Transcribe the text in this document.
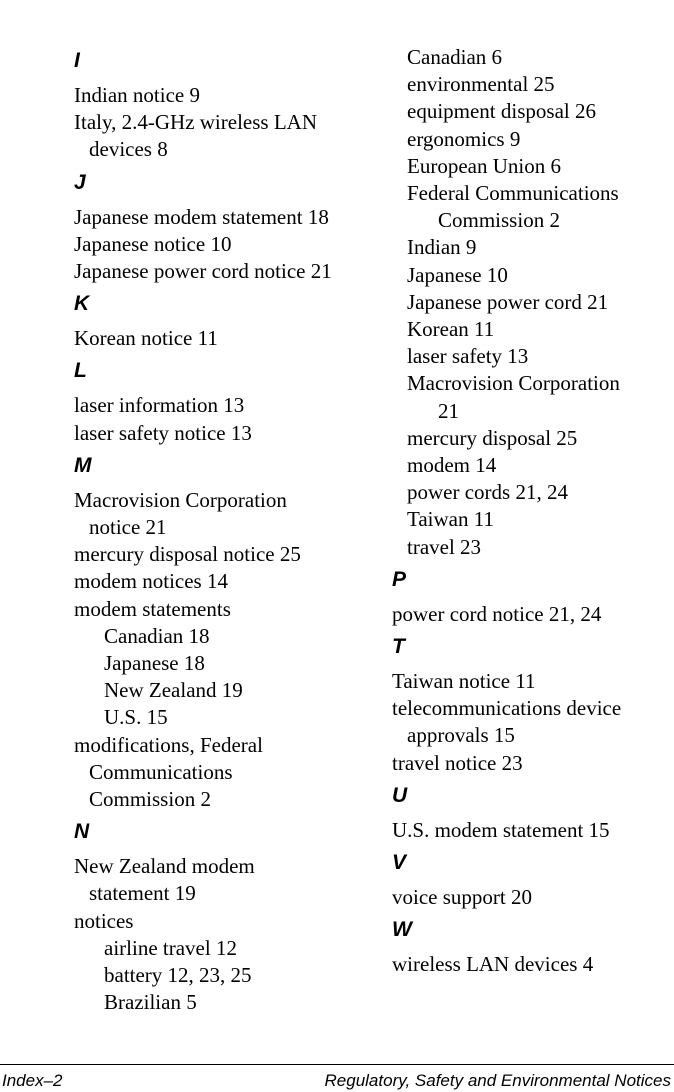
I
Indian notice 9
Italy, 2.4-GHz wireless LAN
devices 8
J
Japanese modem statement 18
Japanese notice 10
Japanese power cord notice 21
K
Korean notice 11
L
laser information 13
laser safety notice 13
M
Macrovision Corporation
notice 21
mercury disposal notice 25
modem notices 14
modem statements
Canadian 18
Japanese 18
New Zealand 19
U.S. 15
modifications, Federal
Communications
Commission 2
N
New Zealand modem
statement 19
notices
airline travel 12
battery 12, 23, 25
Brazilian 5
Canadian 6
environmental 25
equipment disposal 26
ergonomics 9
European Union 6
Federal Communications
Commission 2
Indian 9
Japanese 10
Japanese power cord 21
Korean 11
laser safety 13
Macrovision Corporation
21
mercury disposal 25
modem 14
power cords 21, 24
Taiwan 11
travel 23
P
power cord notice 21, 24
T
Taiwan notice 11
telecommunications device
approvals 15
travel notice 23
U
U.S. modem statement 15
V
voice support 20
W
wireless LAN devices 4
Index–2	Regulatory, Safety and Environmental Notices
